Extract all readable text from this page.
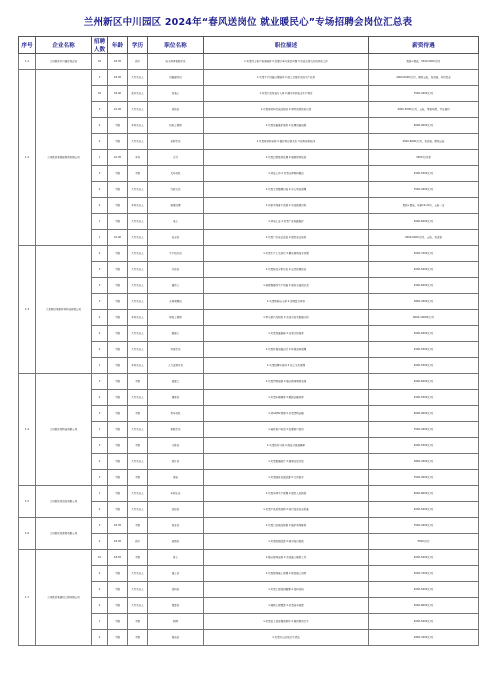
兰州新区中川园区 2024年“春风送岗位 就业暖民心”专场招聘会岗位汇总表
序号	企业名称	招聘人数	年龄	学历	职位名称	职位描述	薪资待遇
1-1	兰州新区中川园区某企业	16	18-35	高中	电子商务客服专员	1.负责线上客户咨询接待 2.处理订单与售后问题 3.完成主管交办的其他工作	底薪+提成，3500-5000元/月
1-2	兰州新区某智能制造有限公司	3	18-45	大专及以上	设备操作员	1.负责生产设备日常操作 2.按工艺要求完成生产任务	4000-6000元/月，缴纳五险，包食宿，年终奖金
		16	18-40	高中及以上	包装工	1.负责产品包装与入库 2.遵守车间安全生产规定	3500-4500元/月
		3	22-45	大专及以上	质检员	1.负责原材料及成品检验 2.填写质量检验记录	4000-5500元/月，五险，带薪年假，节日福利
		2	不限	本科及以上	机电工程师	1.负责设备维护保养 2.处理设备故障	6000-9000元/月
		2	不限	大专及以上	采购专员	1.负责原材料采购 2.维护供应商关系 3.控制采购成本	4500-6000元/月，包食宿，缴纳五险
		1	22-35	本科	会计	1.负责日常账务处理 2.编制财务报表	4500元/月起
		3	不限	不限	叉车司机	1.持证上岗 2.负责仓库物料搬运	4500-5500元/月
		2	不限	大专及以上	行政文员	1.负责文件整理归档 2.办公用品管理	3500-4500元/月
		2	不限	本科及以上	销售经理	1.开拓市场客户资源 2.完成销售目标	底薪+提成，年薪10-20万，五险一金
		1	不限	大专及以上	电工	1.持电工证 2.负责厂区电路维护	5000-6000元/月
		1	22-40	大专及以上	安全员	1.负责厂区安全巡查 2.组织安全培训	4500-6000元/月，五险，包食宿
1-3	兰州新区某新材料科技有限公司	2	不限	大专及以上	生产技术员	1.负责生产工艺执行 2.解决现场技术问题	5000-7000元/月
		3	不限	大专及以上	化验员	1.负责样品分析化验 2.出具检测报告	4000-5000元/月
		3	不限	大专及以上	操作工	1.按规程操作生产设备 2.做好交接班记录	4500-6000元/月
		3	不限	大专及以上	仓库管理员	1.负责物料出入库 2.定期盘点库存	3800-4500元/月
		2	不限	本科及以上	研发工程师	1.参与新产品研发 2.完成实验及数据分析	6000-10000元/月
		2	不限	大专及以上	维修工	1.负责设备维修 2.日常点检保养	5000-6500元/月
		2	不限	大专及以上	环保专员	1.负责环保设施运行 2.环保资料管理	4500-5500元/月
		1	不限	本科及以上	人力资源专员	1.负责招聘与培训 2.员工关系管理	4000-5500元/月
1-4	兰州新区某物流有限公司	3	不限	不限	装卸工	1.负责货物装卸 2.服从现场调度安排	4000-6000元/月
		2	不限	大专及以上	调度员	1.负责车辆调度 2.跟踪运输进度	4500-5500元/月
		3	不限	不限	货车司机	1.持A2/B2驾照 2.负责货物运输	6000-9000元/月
		1	不限	大专及以上	客服专员	1.接听客户电话 2.处理客户投诉	3500-4500元/月
		3	不限	不限	分拣员	1.负责快件分拣 2.保证分拣准确率	4000-5500元/月
		2	不限	大专及以上	统计员	1.负责数据统计 2.编制日报月报	3800-4500元/月
		3	不限	不限	保安	1.负责园区安保巡逻 2.门岗值守	3500-4000元/月
1-5	兰州新区某食品有限公司	1	不限	大专及以上	车间主任	1.负责车间生产管理 2.组织人员排班	6000-8000元/月
		2	不限	大专及以上	品控员	1.负责产品质量控制 2.执行食品安全标准	4000-5000元/月
1-6	兰州新区某商贸有限公司	3	18-35	不限	营业员	1.负责门店商品销售 2.维护卖场陈列	3500-4500元/月
		2	18-45	高中	收银员	1.负责收银结算 2.核对每日账款	3500元/月
1-7	兰州新区某建设工程有限公司	10	18-55	不限	普工	1.服从现场安排 2.完成施工辅助工作	4000-5000元/月
		2	不限	大专及以上	施工员	1.负责现场施工管理 2.把控施工进度	5000-7000元/月
		2	不限	大专及以上	资料员	1.负责工程资料整理 2.资料归档	4000-5000元/月
		2	不限	大专及以上	预算员	1.编制工程预算 2.负责成本核算	5000-8000元/月
		1	不限	不限	厨师	1.负责员工食堂餐食制作 2.保持厨房卫生	4000-5000元/月
		2	不限	不限	保洁员	1.负责办公区域卫生清洁	2800-3200元/月
